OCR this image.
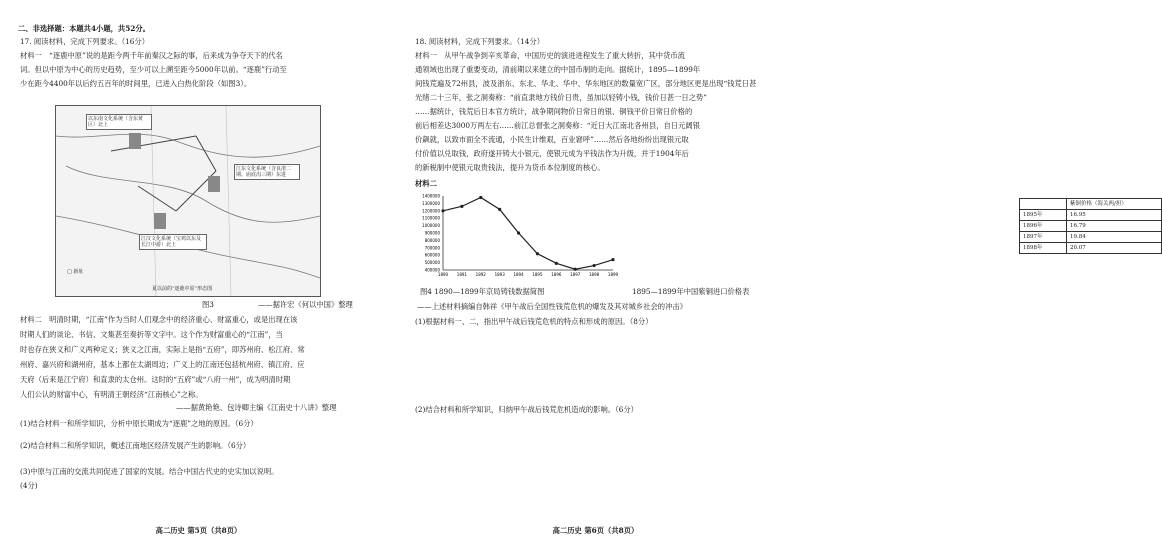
二、非选择题：本题共4小题，共52分。
17. 阅读材料，完成下列要求。（16分）
材料一　“逐鹿中原”说的是距今两千年前秦汉之际的事，后来成为争夺天下的代名
词。但以中原为中心的历史趋势，至少可以上溯至距今5000年以前。“逐鹿”行动至
少在距今4400年以后约五百年的时间里，已进入白热化阶段（如图3）。
以东南文化系统（含东黄区）北上
江东文化系统（含良渚二期、庙底沟三期）东进
江汉文化系统（宝鸡以东及长江中游）北上
夏以前的“逐鹿中原”形态图
□ 新址
图3	——据许宏《何以中国》整理
材料二　明清时期，“江南”作为当时人们观念中的经济重心、财富重心，或是出现在该
时期人们的谈论、书信、文集甚至奏折等文字中。这个作为财富重心的“江南”，当
时也存在狭义和广义两种定义；狭义之江南，实际上是指“五府”，即苏州府、松江府、常
州府、嘉兴府和湖州府，基本上都在太湖周边；广义上的江南还包括杭州府、镇江府、应
天府（后来是江宁府）和直隶的太仓州。这时的“五府”或“八府一州”，成为明清时期
人们公认的财富中心，有明清王朝经济“江南核心”之称。
——据黄艳艳、包诗卿主编《江南史十八讲》整理
(1)结合材料一和所学知识，分析中原长期成为“逐鹿”之地的原因。（6分）
(2)结合材料二和所学知识，概述江南地区经济发展产生的影响。（6分）
(3)中原与江南的交流共同促进了国家的发展。结合中国古代史的史实加以说明。
(4分)
高二历史 第5页（共8页）
18. 阅读材料，完成下列要求。（14分）
材料一　从甲午战争到辛亥革命，中国历史的演进进程发生了重大转折，其中货币流
通领域也出现了重要变动，清前期以来建立的中国币制的走向。据统计，1895—1899年
间钱荒遍及72州县，波及浙东、东北、华北、华中、华东地区的数量宽广区，部分地区更是出现“钱荒日甚
光绪二十三年，张之洞奏称：“前直隶地方钱价日贵，虽加以轻铸小钱，钱价日甚一日之势”
……据统计，钱荒后日本官方统计，战争期间物价日常日的银、铜钱平价日常日价格的
前后相差达3000万两左右……前江总督张之洞奏称：“近日大江南北各州县，自日元阔银
价飙就，以致市面全不流通，小民生计维艰，百业窘呼”……然后各地纷纷出现银元取
付价值以兑取钱，政府遂开铸大小银元，使银元成为平钱法作为升级，并于1904年后
的新税制中使银元取贵钱法，提升为货币本位制度的核心。
材料二
1400000
1300000
1200000
1100000
1000000
900000
800000
700000
600000
500000
400000
1890 1891 1892 1893 1894 1895 1896 1897 1898 1899
	紫铜价格（海关两/担）
1895年	16.95
1896年	16.79
1897年	19.84
1898年	20.07
图4 1890—1899年京局铸钱数据简图	1895—1899年中国紫铜进口价格表
——上述材料摘编自韩祥《甲午战后全国性钱荒危机的爆发及其对城乡社会的冲击》
(1)根据材料一、二，指出甲午战后钱荒危机的特点和形成的原因。（8分）
(2)结合材料和所学知识，归纳甲午战后钱荒危机造成的影响。（6分）
高二历史 第6页（共8页）
